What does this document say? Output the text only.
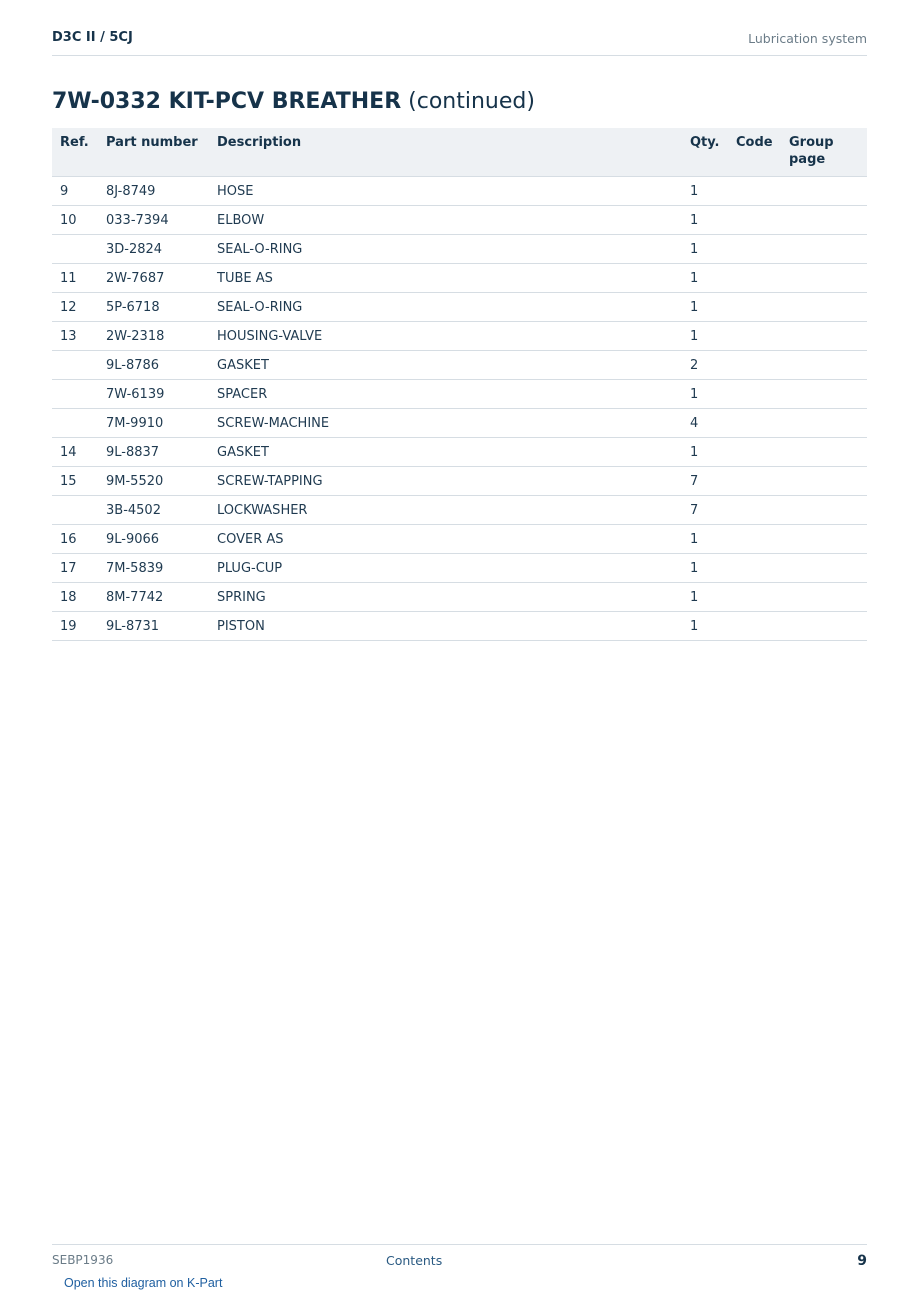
D3C II / 5CJ	Lubrication system
7W-0332 KIT-PCV BREATHER (continued)
Ref.	Part number	Description	Qty.	Code	Group page
9	8J-8749	HOSE	1		
10	033-7394	ELBOW	1		
	3D-2824	SEAL-O-RING	1		
11	2W-7687	TUBE AS	1		
12	5P-6718	SEAL-O-RING	1		
13	2W-2318	HOUSING-VALVE	1		
	9L-8786	GASKET	2		
	7W-6139	SPACER	1		
	7M-9910	SCREW-MACHINE	4		
14	9L-8837	GASKET	1		
15	9M-5520	SCREW-TAPPING	7		
	3B-4502	LOCKWASHER	7		
16	9L-9066	COVER AS	1		
17	7M-5839	PLUG-CUP	1		
18	8M-7742	SPRING	1		
19	9L-8731	PISTON	1		
SEBP1936	Contents	9
Open this diagram on K-Part
